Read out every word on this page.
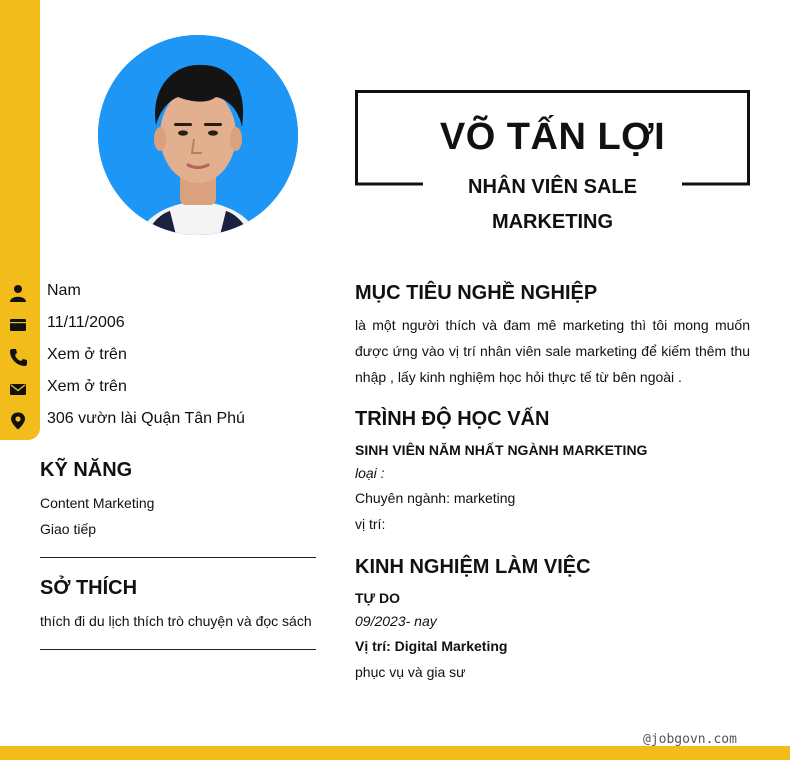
VÕ TẤN LỢI
NHÂN VIÊN SALE
MARKETING
Nam
11/11/2006
Xem ở trên
Xem ở trên
306 vườn lài Quận Tân Phú
KỸ NĂNG
Content Marketing
Giao tiếp
SỞ THÍCH
thích đi du lịch thích trò chuyện và đọc sách
MỤC TIÊU NGHỀ NGHIỆP
là một người thích và đam mê marketing thì tôi mong muốn được ứng vào vị trí nhân viên sale marketing để kiếm thêm thu nhập , lấy kinh nghiệm học hỏi thực tế từ bên ngoài .
TRÌNH ĐỘ HỌC VẤN
SINH VIÊN NĂM NHẤT NGÀNH MARKETING
loại :
Chuyên ngành: marketing
vị trí:
KINH NGHIỆM LÀM VIỆC
TỰ DO
09/2023- nay
Vị trí: Digital Marketing
phục vụ và gia sư
@jobgovn.com
